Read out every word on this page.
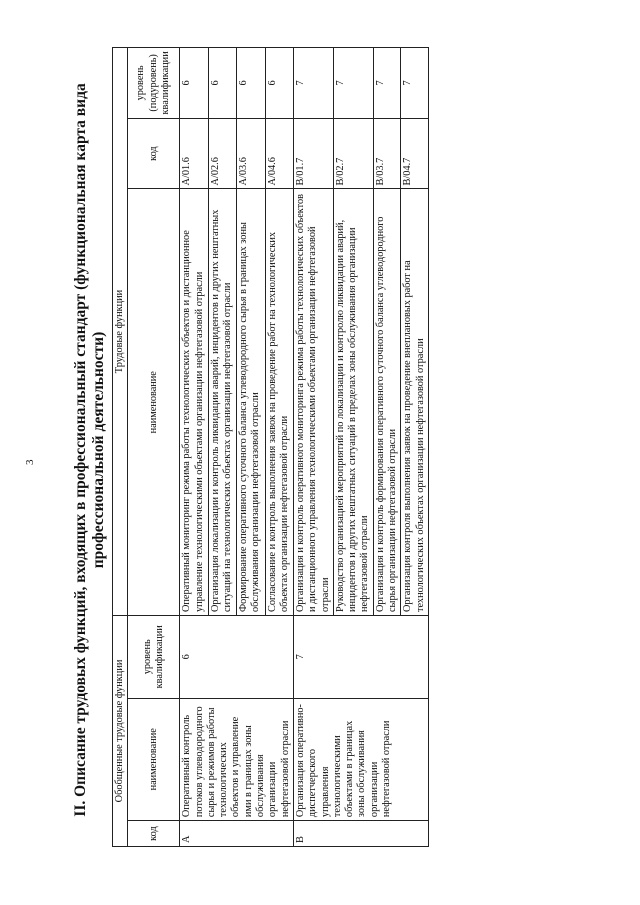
3 II. Описание трудовых функций, входящих в профессиональный стандарт (функциональная карта вида профессиональной деятельности)
Обобщенные трудовые функции			Трудовые функции		
код	наименование	уровень квалификации	наименование	код	уровень (подуровень) квалификации
A	Оперативный контроль потоков углеводородного сырья и режимов работы технологических объектов и управление ими в границах зоны обслуживания организации нефтегазовой отрасли	6	Оперативный мониторинг режима работы технологических объектов и дистанционное управление технологическими объектами организации нефтегазовой отрасли	A/01.6	6
			Организация локализации и контроль ликвидации аварий, инцидентов и других нештатных ситуаций на технологических объектах организации нефтегазовой отрасли	A/02.6	6
			Формирование оперативного суточного баланса углеводородного сырья в границах зоны обслуживания организации нефтегазовой отрасли	A/03.6	6
			Согласование и контроль выполнения заявок на проведение работ на технологических объектах организации нефтегазовой отрасли	A/04.6	6
B	Организация оперативно-диспетчерского управления технологическими объектами в границах зоны обслуживания организации нефтегазовой отрасли	7	Организация и контроль оперативного мониторинга режима работы технологических объектов и дистанционного управления технологическими объектами организации нефтегазовой отрасли	B/01.7	7
			Руководство организацией мероприятий по локализации и контролю ликвидации аварий, инцидентов и других нештатных ситуаций в пределах зоны обслуживания организации нефтегазовой отрасли	B/02.7	7
			Организация и контроль формирования оперативного суточного баланса углеводородного сырья организации нефтегазовой отрасли	B/03.7	7
			Организация контроля выполнения заявок на проведение внеплановых работ на технологических объектах организации нефтегазовой отрасли	B/04.7	7
